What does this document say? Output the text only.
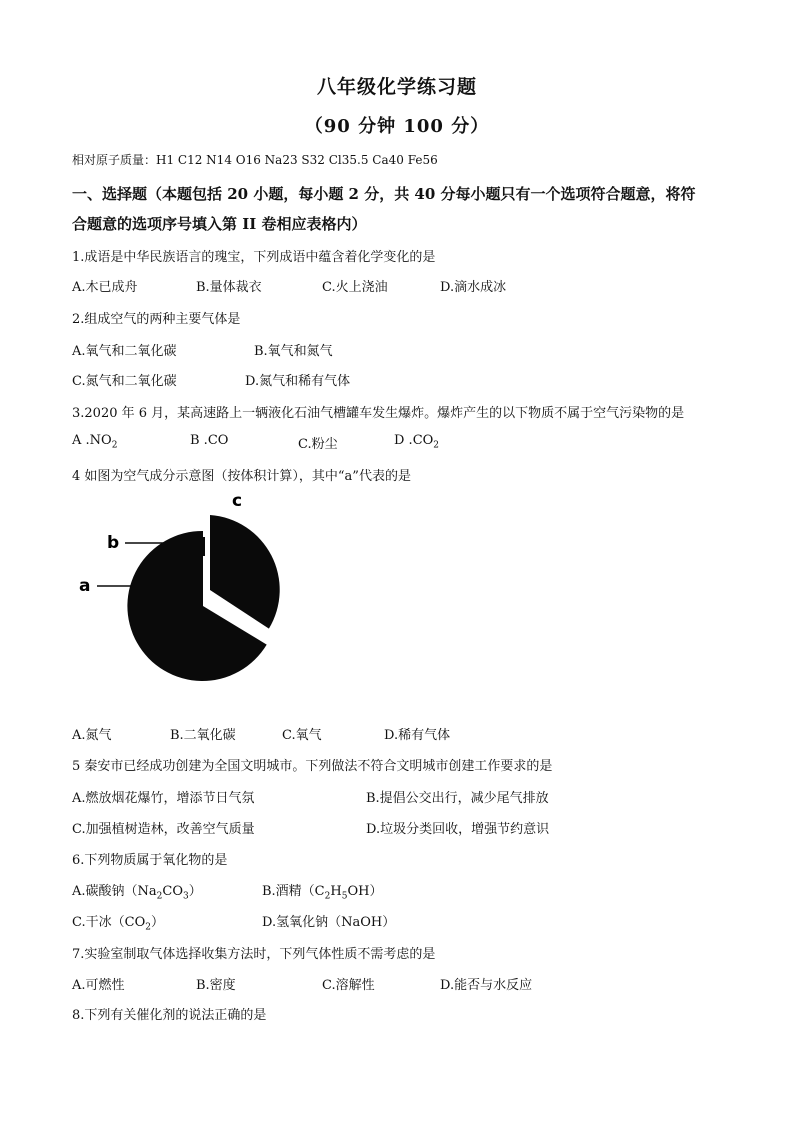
八年级化学练习题
（90 分钟 100 分）
相对原子质量：H1 C12 N14 O16 Na23 S32 Cl35.5 Ca40 Fe56
一、选择题（本题包括 20 小题，每小题 2 分，共 40 分每小题只有一个选项符合题意，将符
合题意的选项序号填入第 II 卷相应表格内）
1.成语是中华民族语言的瑰宝，下列成语中蕴含着化学变化的是
A.木已成舟	B.量体裁衣	C.火上浇油	D.滴水成冰
2.组成空气的两种主要气体是
A.氧气和二氧化碳	B.氧气和氮气
C.氮气和二氧化碳	D.氮气和稀有气体
3.2020 年 6 月，某高速路上一辆液化石油气槽罐车发生爆炸。爆炸产生的以下物质不属于空气污染物的是
A $.NO_2$	B .CO	C.粉尘	D $.CO_2$
4 如图为空气成分示意图（按体积计算），其中“a”代表的是
c
b
a
A.氮气	B.二氧化碳	C.氧气	D.稀有气体
5 秦安市已经成功创建为全国文明城市。下列做法不符合文明城市创建工作要求的是
A.燃放烟花爆竹，增添节日气氛	B.提倡公交出行，减少尾气排放
C.加强植树造林，改善空气质量	D.垃圾分类回收，增强节约意识
6.下列物质属于氧化物的是
A.碳酸钠$(Na_2CO_3)$	B.酒精$(C_2H_5OH)$
C.干冰$(CO_2)$	D.氢氧化钠（NaOH）
7.实验室制取气体选择收集方法时，下列气体性质不需考虑的是
A.可燃性	B.密度	C.溶解性	D.能否与水反应
8.下列有关催化剂的说法正确的是
